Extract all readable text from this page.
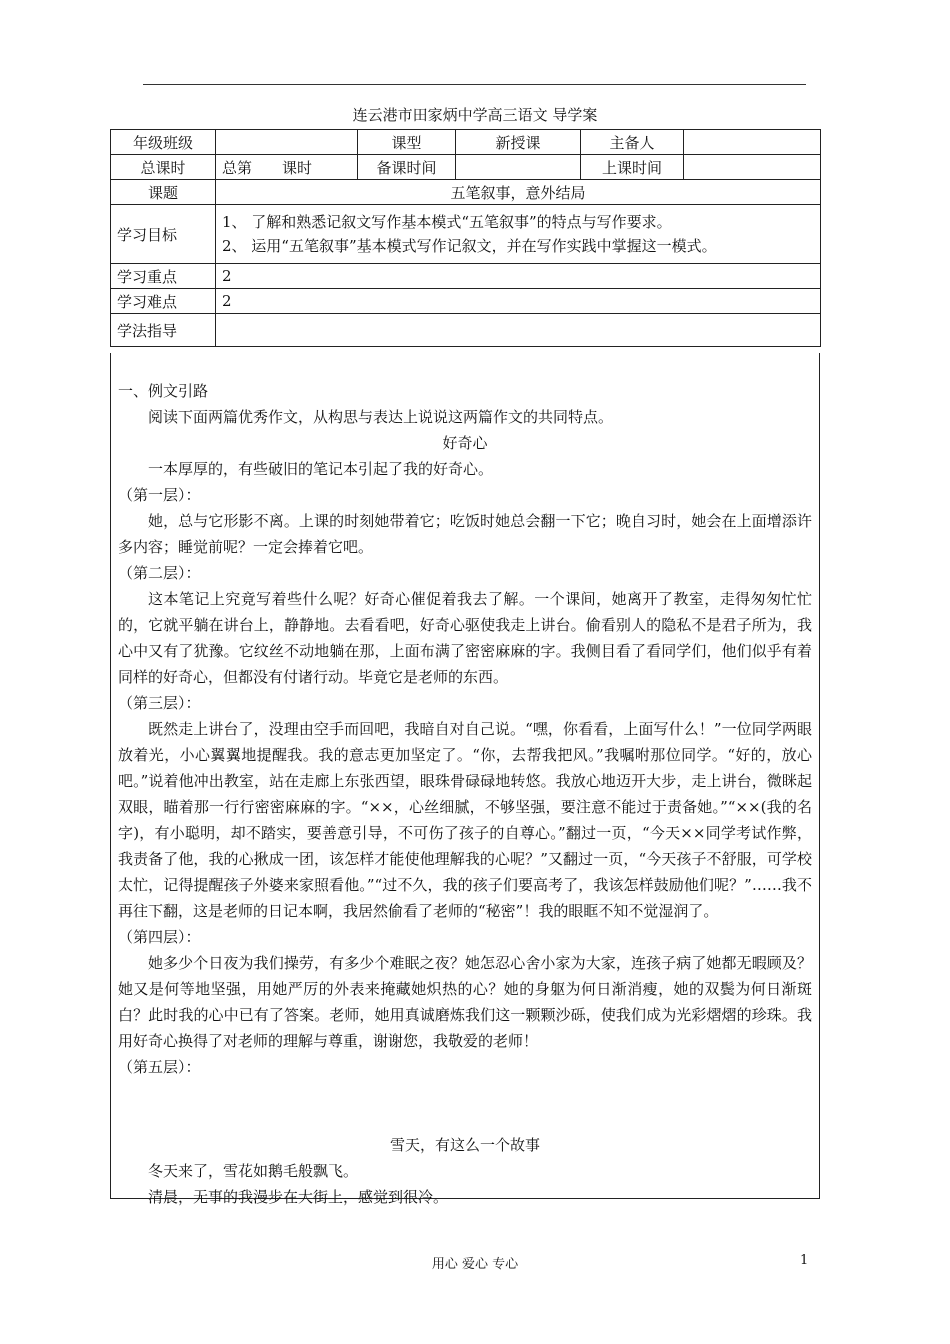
连云港市田家炳中学高三语文 导学案
年级班级		课型	新授课	主备人	
总课时	总第　　课时	备课时间		上课时间	
课题	五笔叙事，意外结局				
学习目标	1、 了解和熟悉记叙文写作基本模式“五笔叙事”的特点与写作要求。
2、 运用“五笔叙事”基本模式写作记叙文，并在写作实践中掌握这一模式。				

学习重点	2				
学习难点	2				
学法指导					

一、例文引路

阅读下面两篇优秀作文，从构思与表达上说说这两篇作文的共同特点。

好奇心

一本厚厚的，有些破旧的笔记本引起了我的好奇心。

（第一层）：

她，总与它形影不离。上课的时刻她带着它；吃饭时她总会翻一下它；晚自习时，她会在上面增添许多内容；睡觉前呢？一定会捧着它吧。

（第二层）：

这本笔记上究竟写着些什么呢？好奇心催促着我去了解。一个课间，她离开了教室，走得匆匆忙忙的，它就平躺在讲台上，静静地。去看看吧，好奇心驱使我走上讲台。偷看别人的隐私不是君子所为，我心中又有了犹豫。它纹丝不动地躺在那，上面布满了密密麻麻的字。我侧目看了看同学们，他们似乎有着同样的好奇心，但都没有付诸行动。毕竟它是老师的东西。

（第三层）：

既然走上讲台了，没理由空手而回吧，我暗自对自己说。“嘿，你看看，上面写什么！”一位同学两眼放着光，小心翼翼地提醒我。我的意志更加坚定了。“你，去帮我把风。”我嘱咐那位同学。“好的，放心吧。”说着他冲出教室，站在走廊上东张西望，眼珠骨碌碌地转悠。我放心地迈开大步，走上讲台，微眯起双眼，瞄着那一行行密密麻麻的字。“××，心丝细腻，不够坚强，要注意不能过于责备她。”“××(我的名字)，有小聪明，却不踏实，要善意引导，不可伤了孩子的自尊心。”翻过一页，“今天××同学考试作弊，我责备了他，我的心揪成一团，该怎样才能使他理解我的心呢？”又翻过一页，“今天孩子不舒服，可学校太忙，记得提醒孩子外婆来家照看他。”“过不久，我的孩子们要高考了，我该怎样鼓励他们呢？”……我不再往下翻，这是老师的日记本啊，我居然偷看了老师的“秘密”！我的眼眶不知不觉湿润了。

（第四层）：

她多少个日夜为我们操劳，有多少个难眠之夜？她怎忍心舍小家为大家，连孩子病了她都无暇顾及？她又是何等地坚强，用她严厉的外表来掩藏她炽热的心？她的身躯为何日渐消瘦，她的双鬓为何日渐斑白？此时我的心中已有了答案。老师，她用真诚磨炼我们这一颗颗沙砾，使我们成为光彩熠熠的珍珠。我用好奇心换得了对老师的理解与尊重，谢谢您，我敬爱的老师！

（第五层）：

雪天，有这么一个故事

冬天来了，雪花如鹅毛般飘飞。

清晨，无事的我漫步在大街上，感觉到很冷。

用心 爱心 专心	1
